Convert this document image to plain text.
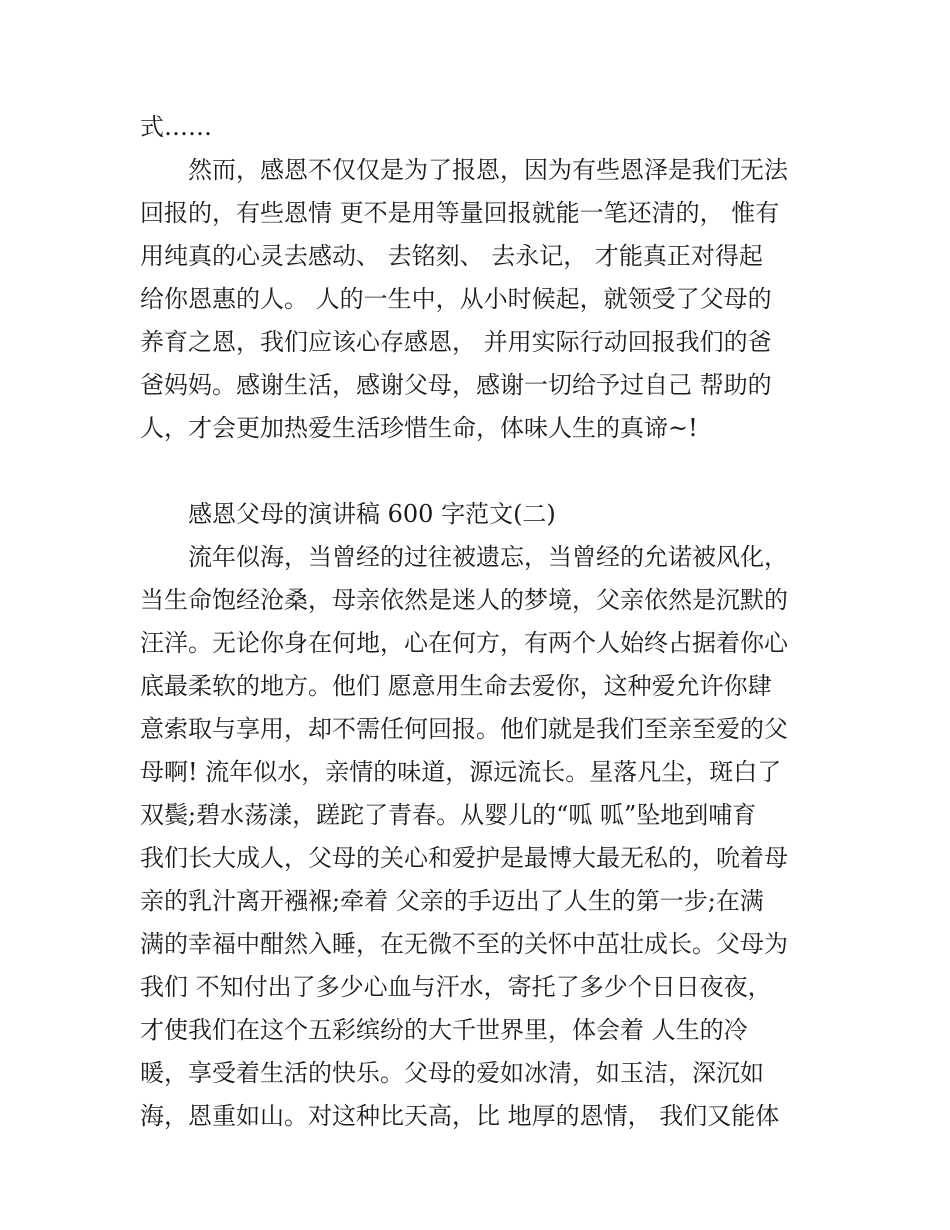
式……
然而，感恩不仅仅是为了报恩，因为有些恩泽是我们无法
回报的，有些恩情 更不是用等量回报就能一笔还清的， 惟有
用纯真的心灵去感动、 去铭刻、 去永记， 才能真正对得起
给你恩惠的人。 人的一生中，从小时候起，就领受了父母的
养育之恩，我们应该心存感恩， 并用实际行动回报我们的爸
爸妈妈。感谢生活，感谢父母，感谢一切给予过自己 帮助的
人，才会更加热爱生活珍惜生命，体味人生的真谛~!
感恩父母的演讲稿 600 字范文(二)
流年似海，当曾经的过往被遗忘，当曾经的允诺被风化，
当生命饱经沧桑，母亲依然是迷人的梦境，父亲依然是沉默的
汪洋。无论你身在何地，心在何方，有两个人始终占据着你心
底最柔软的地方。他们 愿意用生命去爱你，这种爱允许你肆
意索取与享用，却不需任何回报。他们就是我们至亲至爱的父
母啊! 流年似水，亲情的味道，源远流长。星落凡尘，斑白了
双鬓;碧水荡漾，蹉跎了青春。从婴儿的“呱 呱”坠地到哺育
我们长大成人，父母的关心和爱护是最博大最无私的，吮着母
亲的乳汁离开襁褓;牵着 父亲的手迈出了人生的第一步;在满
满的幸福中酣然入睡，在无微不至的关怀中茁壮成长。父母为
我们 不知付出了多少心血与汗水，寄托了多少个日日夜夜，
才使我们在这个五彩缤纷的大千世界里，体会着 人生的冷
暖，享受着生活的快乐。父母的爱如冰清，如玉洁，深沉如
海，恩重如山。对这种比天高，比 地厚的恩情， 我们又能体
